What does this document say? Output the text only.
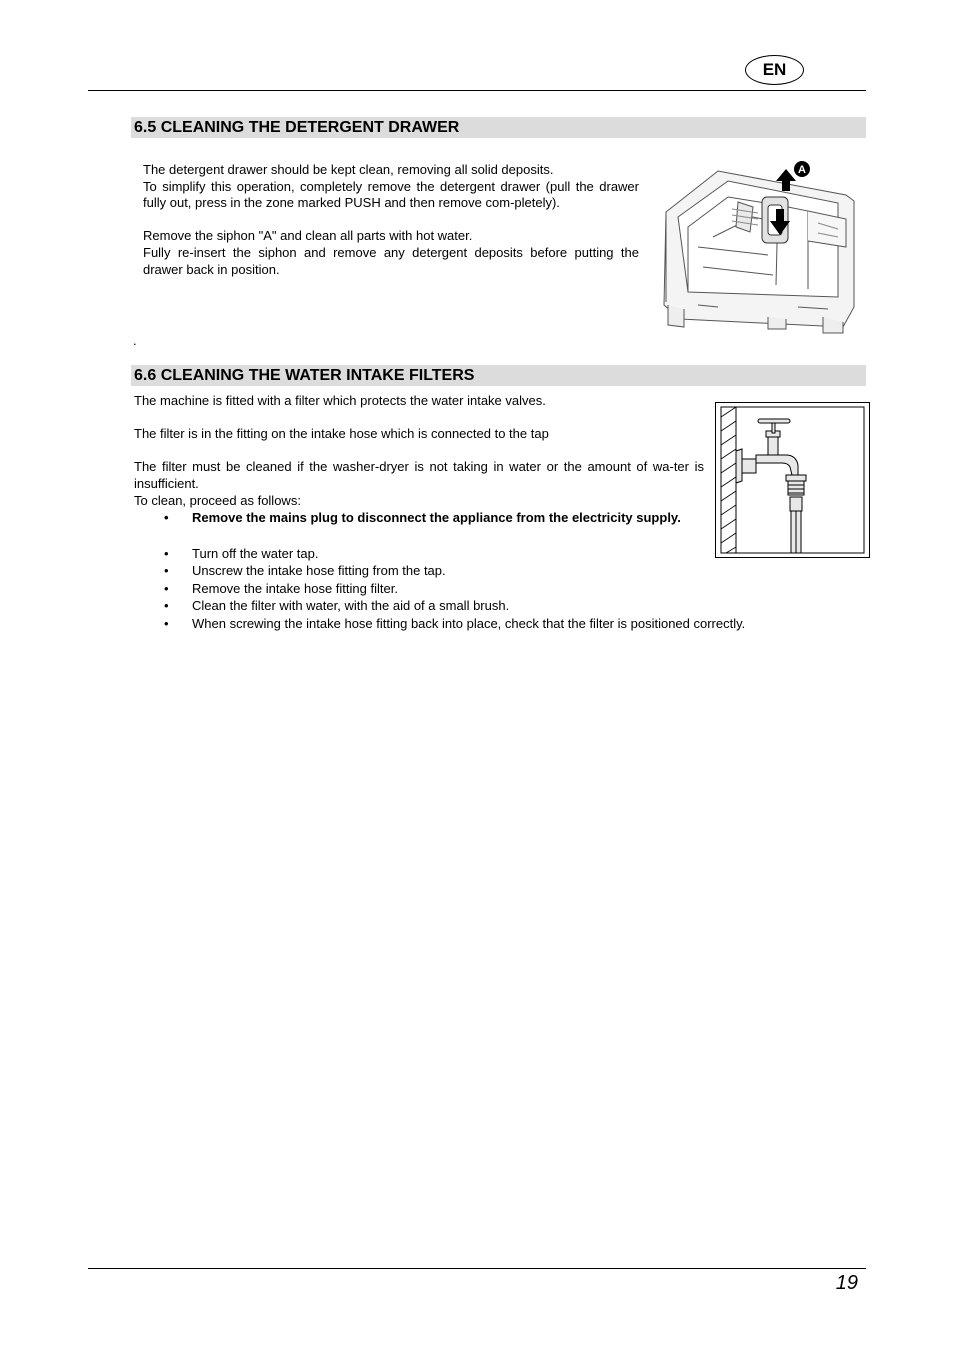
EN
6.5 CLEANING THE DETERGENT DRAWER

The detergent drawer should be kept clean, removing all solid deposits.

To simplify this operation, completely remove the detergent drawer (pull the drawer fully out, press in the zone marked PUSH and then remove com-pletely).

Remove the siphon "A" and clean all parts with hot water.

Fully re-insert the siphon and remove any detergent deposits before putting the drawer back in position.

.
A
6.6 CLEANING THE WATER INTAKE FILTERS

The machine is fitted with a filter which protects the water intake valves.

The filter is in the fitting on the intake hose which is connected to the tap

The filter must be cleaned if the washer-dryer is not taking in water or the amount of wa-ter is insufficient.

To clean, proceed as follows:

• Remove the mains plug to disconnect the appliance from the electricity supply.
• Turn off the water tap.
• Unscrew the intake hose fitting from the tap.
• Remove the intake hose fitting filter.
• Clean the filter with water, with the aid of a small brush.
• When screwing the intake hose fitting back into place, check that the filter is positioned correctly.
19
